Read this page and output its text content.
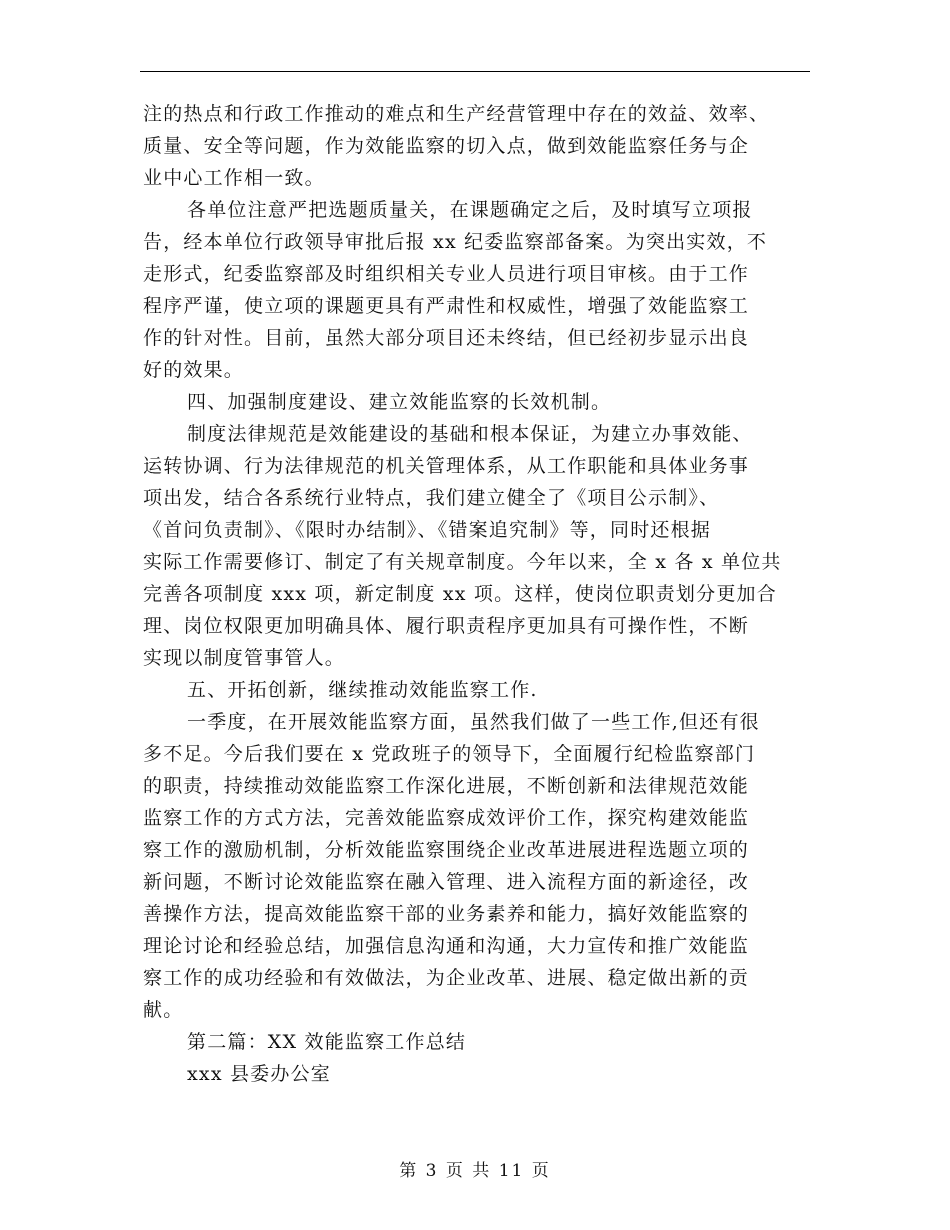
注的热点和行政工作推动的难点和生产经营管理中存在的效益、效率、
质量、安全等问题，作为效能监察的切入点，做到效能监察任务与企
业中心工作相一致。
各单位注意严把选题质量关，在课题确定之后，及时填写立项报
告，经本单位行政领导审批后报 xx 纪委监察部备案。为突出实效，不
走形式，纪委监察部及时组织相关专业人员进行项目审核。由于工作
程序严谨，使立项的课题更具有严肃性和权威性，增强了效能监察工
作的针对性。目前，虽然大部分项目还未终结，但已经初步显示出良
好的效果。
四、加强制度建设、建立效能监察的长效机制。
制度法律规范是效能建设的基础和根本保证，为建立办事效能、
运转协调、行为法律规范的机关管理体系，从工作职能和具体业务事
项出发，结合各系统行业特点，我们建立健全了《项目公示制》、
《首问负责制》、《限时办结制》、《错案追究制》等，同时还根据
实际工作需要修订、制定了有关规章制度。今年以来，全 x 各 x 单位共
完善各项制度 xxx 项，新定制度 xx 项。这样，使岗位职责划分更加合
理、岗位权限更加明确具体、履行职责程序更加具有可操作性，不断
实现以制度管事管人。
五、开拓创新，继续推动效能监察工作.
一季度，在开展效能监察方面，虽然我们做了一些工作,但还有很
多不足。今后我们要在 x 党政班子的领导下，全面履行纪检监察部门
的职责，持续推动效能监察工作深化进展，不断创新和法律规范效能
监察工作的方式方法，完善效能监察成效评价工作，探究构建效能监
察工作的激励机制，分析效能监察围绕企业改革进展进程选题立项的
新问题，不断讨论效能监察在融入管理、进入流程方面的新途径，改
善操作方法，提高效能监察干部的业务素养和能力，搞好效能监察的
理论讨论和经验总结，加强信息沟通和沟通，大力宣传和推广效能监
察工作的成功经验和有效做法，为企业改革、进展、稳定做出新的贡
献。
第二篇：XX 效能监察工作总结
xxx 县委办公室
第 3 页 共 11 页
